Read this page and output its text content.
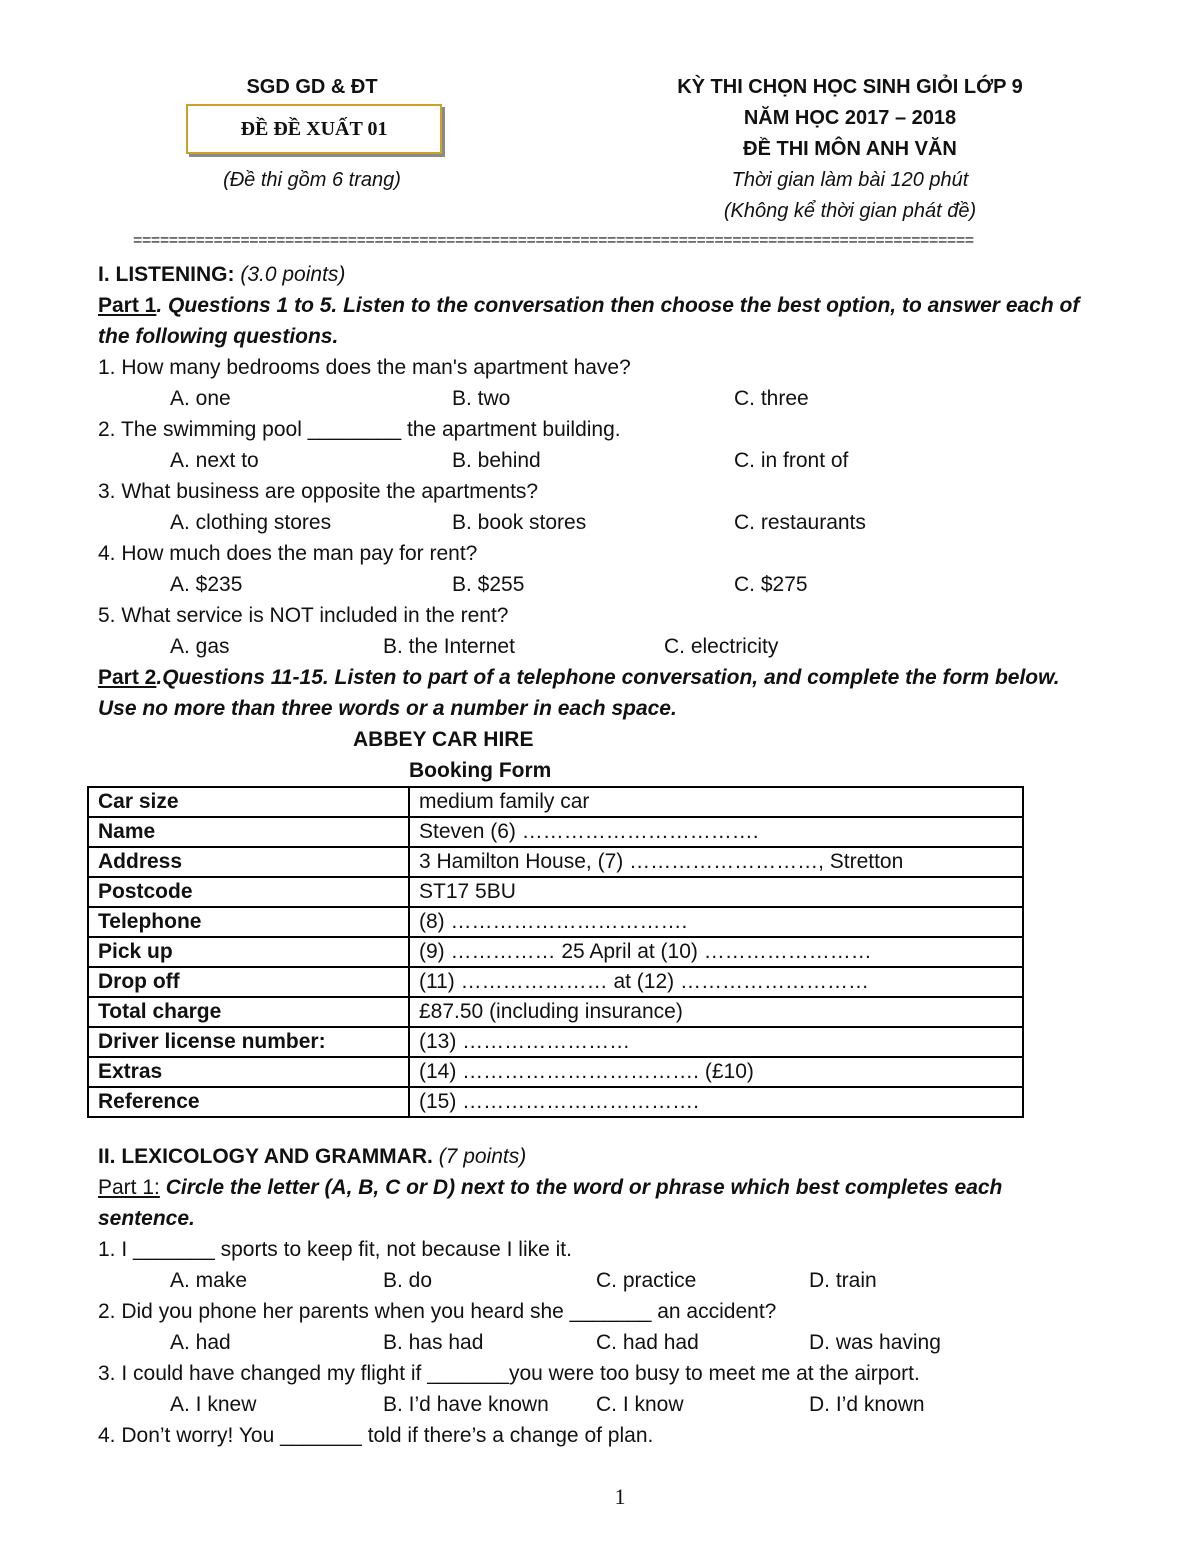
SGD GD & ĐT
ĐỀ ĐỀ XUẤT 01
(Đề thi gồm 6 trang)
KỲ THI CHỌN HỌC SINH GIỎI LỚP 9
NĂM HỌC 2017 – 2018
ĐỀ THI MÔN ANH VĂN
Thời gian làm bài 120 phút
(Không kể thời gian phát đề)
==============================================================================================
I. LISTENING: (3.0 points)
Part 1. Questions 1 to 5. Listen to the conversation then choose the best option, to answer each of
the following questions.
1. How many bedrooms does the man's apartment have?
A. one	B. two	C. three
2. The swimming pool ________ the apartment building.
A. next to	B. behind	C. in front of
3. What business are opposite the apartments?
A. clothing stores	B. book stores	C. restaurants
4. How much does the man pay for rent?
A. $235	B. $255	C. $275
5. What service is NOT included in the rent?
A. gas	B. the Internet	C. electricity
Part 2.Questions 11-15. Listen to part of a telephone conversation, and complete the form below.
Use no more than three words or a number in each space.
ABBEY CAR HIRE
Booking Form
Car size	medium family car
Name	Steven (6) …………………………….
Address	3 Hamilton House, (7) ………………………, Stretton
Postcode	ST17 5BU
Telephone	(8) …………………………….
Pick up	(9) …………… 25 April at (10) ……………………
Drop off	(11) ………………… at (12) ………………………
Total charge	£87.50 (including insurance)
Driver license number:	(13) ……………………
Extras	(14) ……………………………. (£10)
Reference	(15) …………………………….
II. LEXICOLOGY AND GRAMMAR. (7 points)
Part 1: Circle the letter (A, B, C or D) next to the word or phrase which best completes each
sentence.
1. I _______ sports to keep fit, not because I like it.
A. make	B. do	C. practice	D. train
2. Did you phone her parents when you heard she _______ an accident?
A. had	B. has had	C. had had	D. was having
3. I could have changed my flight if _______you were too busy to meet me at the airport.
A. I knew	B. I’d have known C. I know	D. I’d known
4. Don’t worry! You _______ told if there’s a change of plan.
1
